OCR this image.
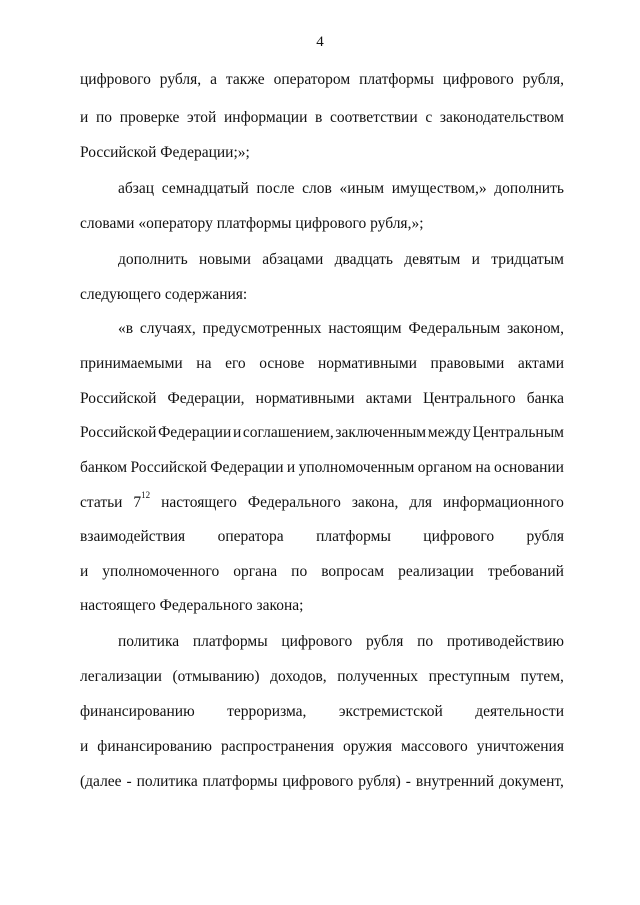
4
цифрового рубля, а также оператором платформы цифрового рубля,
и по проверке этой информации в соответствии с законодательством
Российской Федерации;»;
абзац семнадцатый после слов «иным имуществом,» дополнить
словами «оператору платформы цифрового рубля,»;
дополнить новыми абзацами двадцать девятым и тридцатым
следующего содержания:
«в случаях, предусмотренных настоящим Федеральным законом,
принимаемыми на его основе нормативными правовыми актами
Российской Федерации, нормативными актами Центрального банка
Российской Федерации и соглашением, заключенным между Центральным
банком Российской Федерации и уполномоченным органом на основании
статьи $7^{12}$ настоящего Федерального закона, для информационного
взаимодействия оператора платформы цифрового рубля
и уполномоченного органа по вопросам реализации требований
настоящего Федерального закона;
политика платформы цифрового рубля по противодействию
легализации (отмыванию) доходов, полученных преступным путем,
финансированию терроризма, экстремистской деятельности
и финансированию распространения оружия массового уничтожения
(далее - политика платформы цифрового рубля) - внутренний документ,
